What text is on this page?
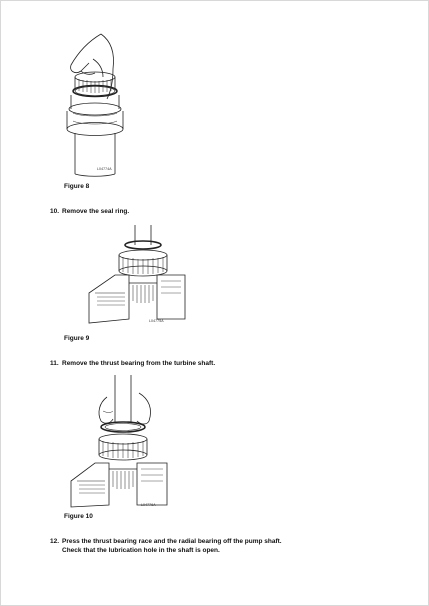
L04774A
Figure 8
10. Remove the seal ring.
L04775A
Figure 9
11. Remove the thrust bearing from the turbine shaft.
L04776A
Figure 10
12. Press the thrust bearing race and the radial bearing off the pump shaft.
Check that the lubrication hole in the shaft is open.
